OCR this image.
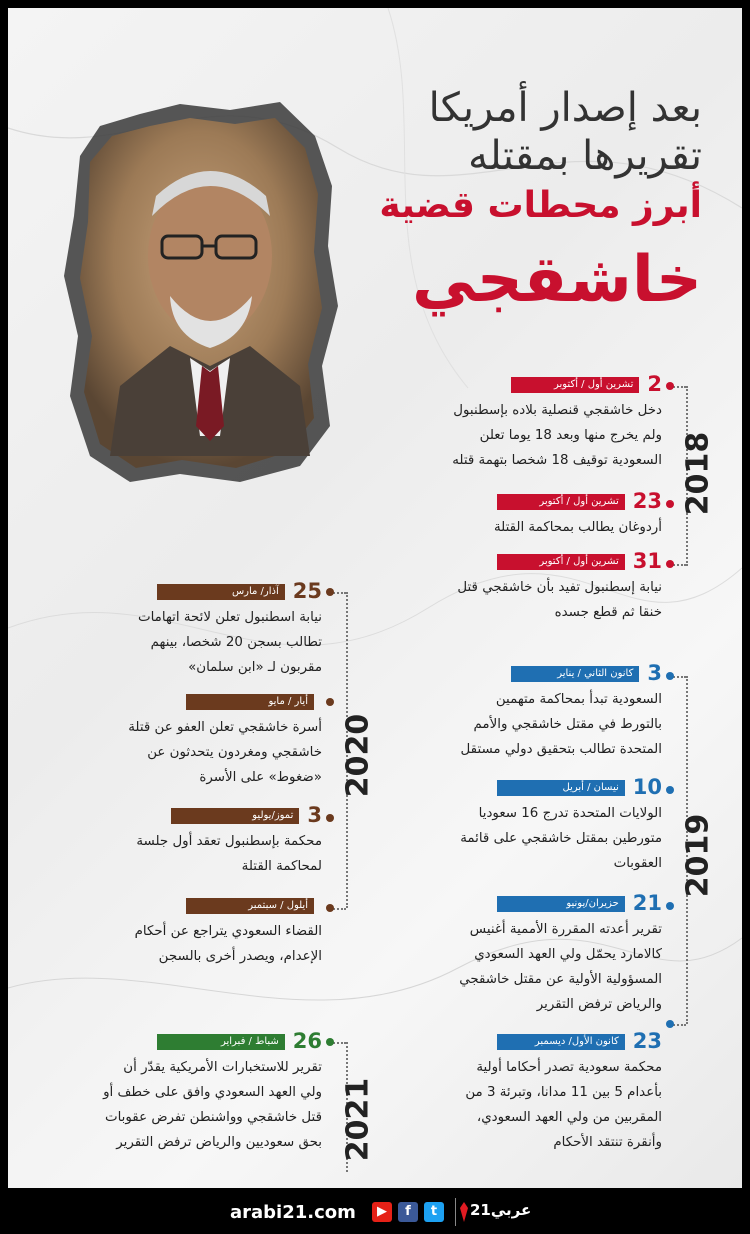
بعد إصدار أمريكا
تقريرها بمقتله
أبرز محطات قضية
خاشقجي
2018
2019
2020
2021
2
تشرين أول / أكتوبر
دخل خاشقجي قنصلية بلاده بإسطنبول
ولم يخرج منها وبعد 18 يوما تعلن
السعودية توقيف 18 شخصا بتهمة قتله
23
تشرين أول / أكتوبر
أردوغان يطالب بمحاكمة القتلة
31
تشرين أول / أكتوبر
نيابة إسطنبول تفيد بأن خاشقجي قتل
خنقا ثم قطع جسده
3
كانون الثاني / يناير
السعودية تبدأ بمحاكمة متهمين
بالتورط في مقتل خاشقجي والأمم
المتحدة تطالب بتحقيق دولي مستقل
10
نيسان / أبريل
الولايات المتحدة تدرج 16 سعوديا
متورطين بمقتل خاشقجي على قائمة
العقوبات
21
حزيران/يونيو
تقرير أعدته المقررة الأممية أغنيس
كالامارد يحمّل ولي العهد السعودي
المسؤولية الأولية عن مقتل خاشقجي
والرياض ترفض التقرير
23
كانون الأول/ ديسمبر
محكمة سعودية تصدر أحكاما أولية
بأعدام 5 بين 11 مدانا، وتبرئة 3 من
المقربين من ولي العهد السعودي،
وأنقرة تنتقد الأحكام
25
آذار/ مارس
نيابة اسطنبول تعلن لائحة اتهامات
تطالب بسجن 20 شخصا، بينهم
مقربون لـ «ابن سلمان»
أيار / مايو
أسرة خاشقجي تعلن العفو عن قتلة
خاشقجي ومغردون يتحدثون عن
«ضغوط» على الأسرة
3
تموز/يوليو
محكمة بإسطنبول تعقد أول جلسة
لمحاكمة القتلة
أيلول / سبتمبر
القضاء السعودي يتراجع عن أحكام
الإعدام، ويصدر أخرى بالسجن
26
شباط / فبراير
تقرير للاستخبارات الأمريكية يقدّر أن
ولي العهد السعودي وافق على خطف أو
قتل خاشقجي وواشنطن تفرض عقوبات
بحق سعوديين والرياض ترفض التقرير
arabi21.com	▶	f	t	عربي21
